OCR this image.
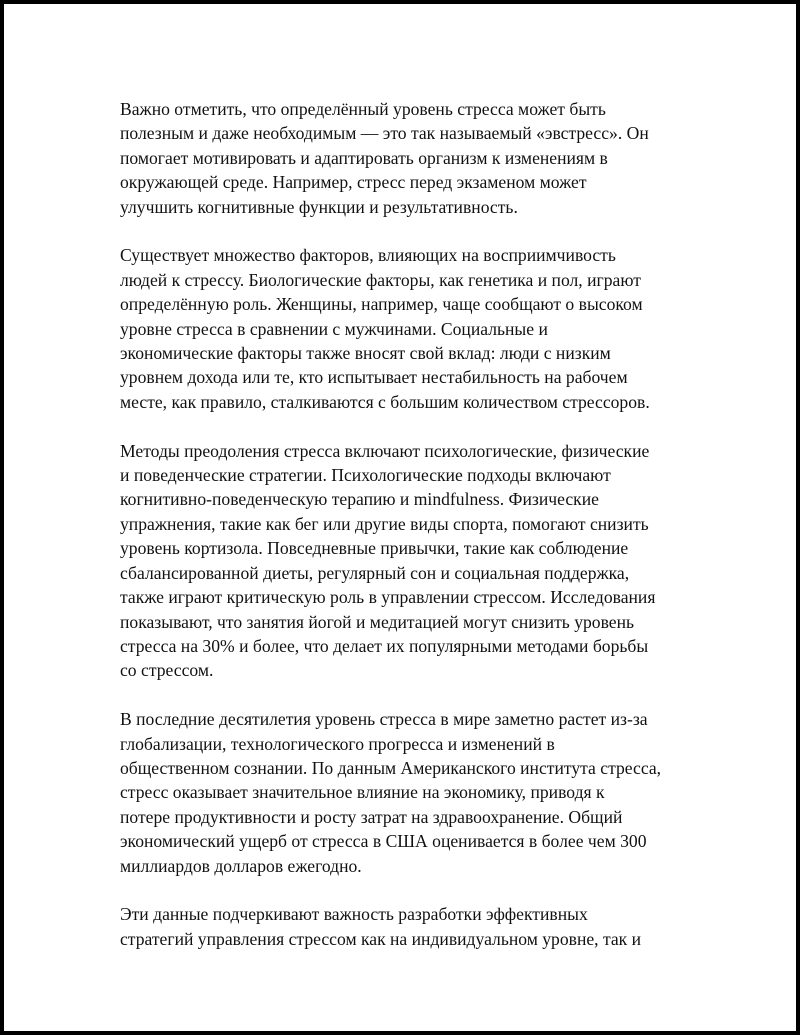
Важно отметить, что определённый уровень стресса может быть
полезным и даже необходимым — это так называемый «эвстресс». Он
помогает мотивировать и адаптировать организм к изменениям в
окружающей среде. Например, стресс перед экзаменом может
улучшить когнитивные функции и результативность.

Существует множество факторов, влияющих на восприимчивость
людей к стрессу. Биологические факторы, как генетика и пол, играют
определённую роль. Женщины, например, чаще сообщают о высоком
уровне стресса в сравнении с мужчинами. Социальные и
экономические факторы также вносят свой вклад: люди с низким
уровнем дохода или те, кто испытывает нестабильность на рабочем
месте, как правило, сталкиваются с большим количеством стрессоров.

Методы преодоления стресса включают психологические, физические
и поведенческие стратегии. Психологические подходы включают
когнитивно-поведенческую терапию и mindfulness. Физические
упражнения, такие как бег или другие виды спорта, помогают снизить
уровень кортизола. Повседневные привычки, такие как соблюдение
сбалансированной диеты, регулярный сон и социальная поддержка,
также играют критическую роль в управлении стрессом. Исследования
показывают, что занятия йогой и медитацией могут снизить уровень
стресса на 30% и более, что делает их популярными методами борьбы
со стрессом.

В последние десятилетия уровень стресса в мире заметно растет из-за
глобализации, технологического прогресса и изменений в
общественном сознании. По данным Американского института стресса,
стресс оказывает значительное влияние на экономику, приводя к
потере продуктивности и росту затрат на здравоохранение. Общий
экономический ущерб от стресса в США оценивается в более чем 300
миллиардов долларов ежегодно.

Эти данные подчеркивают важность разработки эффективных
стратегий управления стрессом как на индивидуальном уровне, так и
